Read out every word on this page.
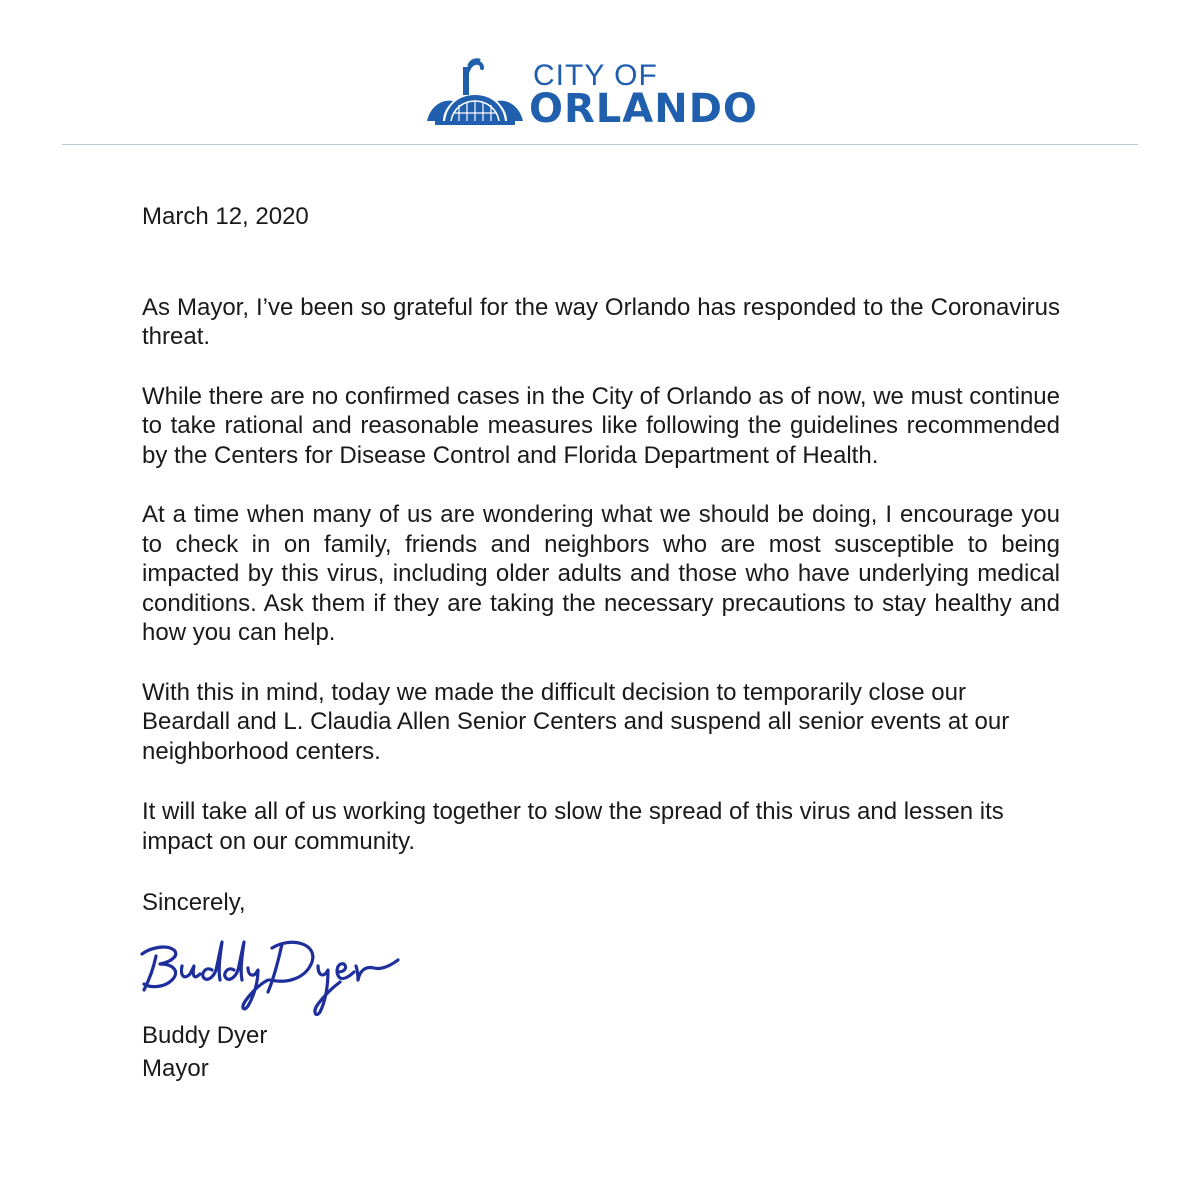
CITY OF
ORLANDO

March 12, 2020

As Mayor, I’ve been so grateful for the way Orlando has responded to the Coronavirus threat.

While there are no confirmed cases in the City of Orlando as of now, we must continue to take rational and reasonable measures like following the guidelines recommended by the Centers for Disease Control and Florida Department of Health.

At a time when many of us are wondering what we should be doing, I encourage you to check in on family, friends and neighbors who are most susceptible to being impacted by this virus, including older adults and those who have underlying medical conditions. Ask them if they are taking the necessary precautions to stay healthy and how you can help.

With this in mind, today we made the difficult decision to temporarily close our Beardall and L. Claudia Allen Senior Centers and suspend all senior events at our neighborhood centers.

It will take all of us working together to slow the spread of this virus and lessen its impact on our community.

Sincerely,

Buddy Dyer

Mayor
